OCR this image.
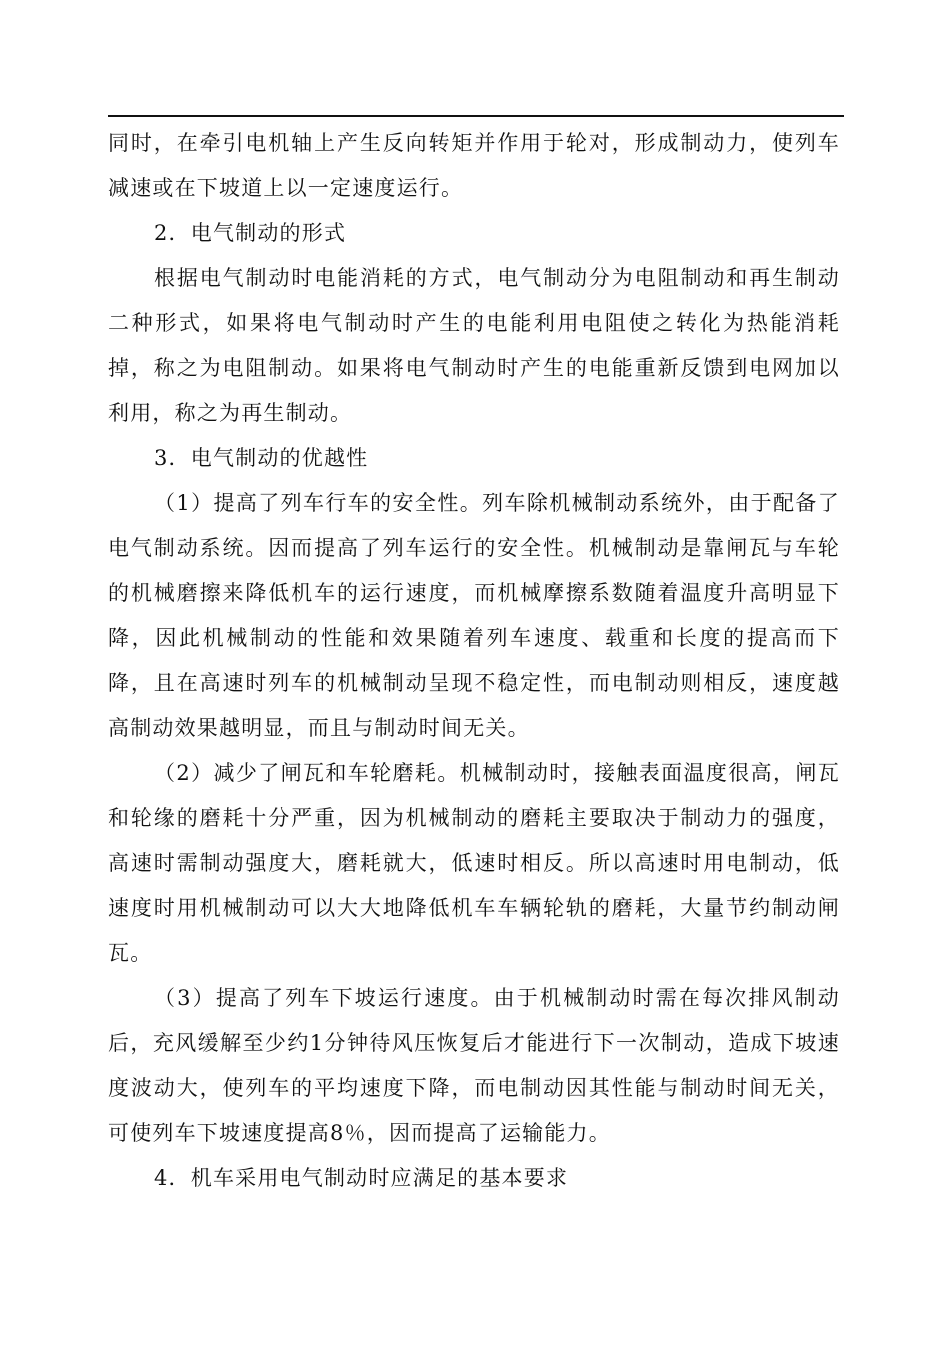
同时，在牵引电机轴上产生反向转矩并作用于轮对，形成制动力，使列车减速或在下坡道上以一定速度运行。

2．电气制动的形式

根据电气制动时电能消耗的方式，电气制动分为电阻制动和再生制动二种形式，如果将电气制动时产生的电能利用电阻使之转化为热能消耗掉，称之为电阻制动。如果将电气制动时产生的电能重新反馈到电网加以利用，称之为再生制动。

3．电气制动的优越性

（1）提高了列车行车的安全性。列车除机械制动系统外，由于配备了电气制动系统。因而提高了列车运行的安全性。机械制动是靠闸瓦与车轮的机械磨擦来降低机车的运行速度，而机械摩擦系数随着温度升高明显下降，因此机械制动的性能和效果随着列车速度、载重和长度的提高而下降，且在高速时列车的机械制动呈现不稳定性，而电制动则相反，速度越高制动效果越明显，而且与制动时间无关。

（2）减少了闸瓦和车轮磨耗。机械制动时，接触表面温度很高，闸瓦和轮缘的磨耗十分严重，因为机械制动的磨耗主要取决于制动力的强度，高速时需制动强度大，磨耗就大，低速时相反。所以高速时用电制动，低速度时用机械制动可以大大地降低机车车辆轮轨的磨耗，大量节约制动闸瓦。

（3）提高了列车下坡运行速度。由于机械制动时需在每次排风制动后，充风缓解至少约1分钟待风压恢复后才能进行下一次制动，造成下坡速度波动大，使列车的平均速度下降，而电制动因其性能与制动时间无关，可使列车下坡速度提高8％，因而提高了运输能力。

4．机车采用电气制动时应满足的基本要求
